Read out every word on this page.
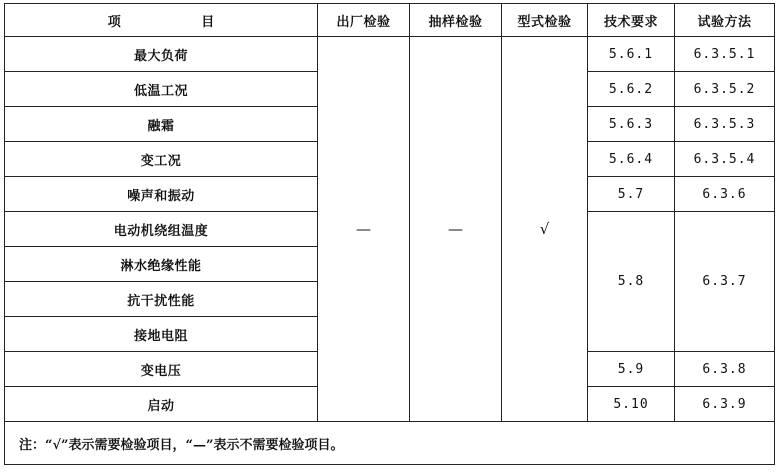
项 目	出厂检验	抽样检验	型式检验	技术要求	试验方法
最大负荷	—	—	√	5.6.1	6.3.5.1
低温工况				5.6.2	6.3.5.2
融霜				5.6.3	6.3.5.3
变工况				5.6.4	6.3.5.4
噪声和振动				5.7	6.3.6
电动机绕组温度				5.8	6.3.7
淋水绝缘性能					
抗干扰性能					
接地电阻					
变电压				5.9	6.3.8
启动				5.10	6.3.9
注：“√”表示需要检验项目，“—”表示不需要检验项目。					
